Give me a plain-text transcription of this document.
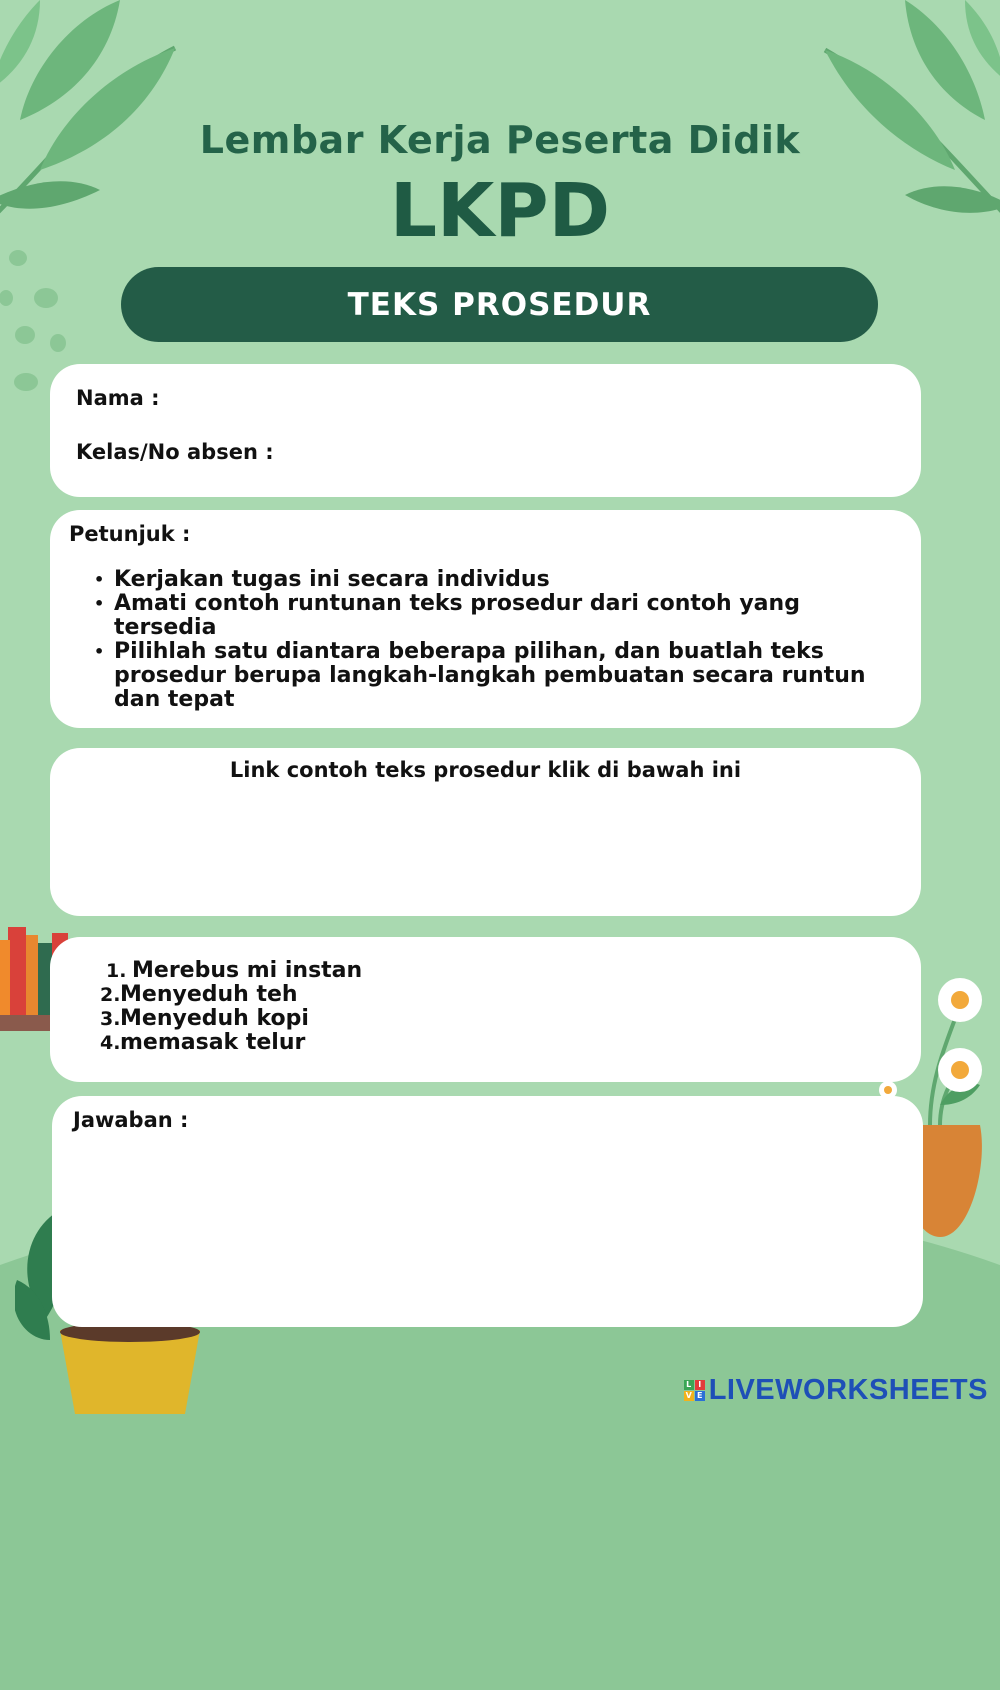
Lembar Kerja Peserta Didik
LKPD
TEKS PROSEDUR
Nama :
Kelas/No absen :
Petunjuk :
• Kerjakan tugas ini secara individus
• Amati contoh runtunan teks prosedur dari contoh yang
tersedia
• Pilihlah satu diantara beberapa pilihan, dan buatlah teks
prosedur berupa langkah-langkah pembuatan secara runtun
dan tepat
Link contoh teks prosedur klik di bawah ini
1. Merebus mi instan
2.Menyeduh teh
3.Menyeduh kopi
4.memasak telur
Jawaban :
L I
V E LIVEWORKSHEETS
